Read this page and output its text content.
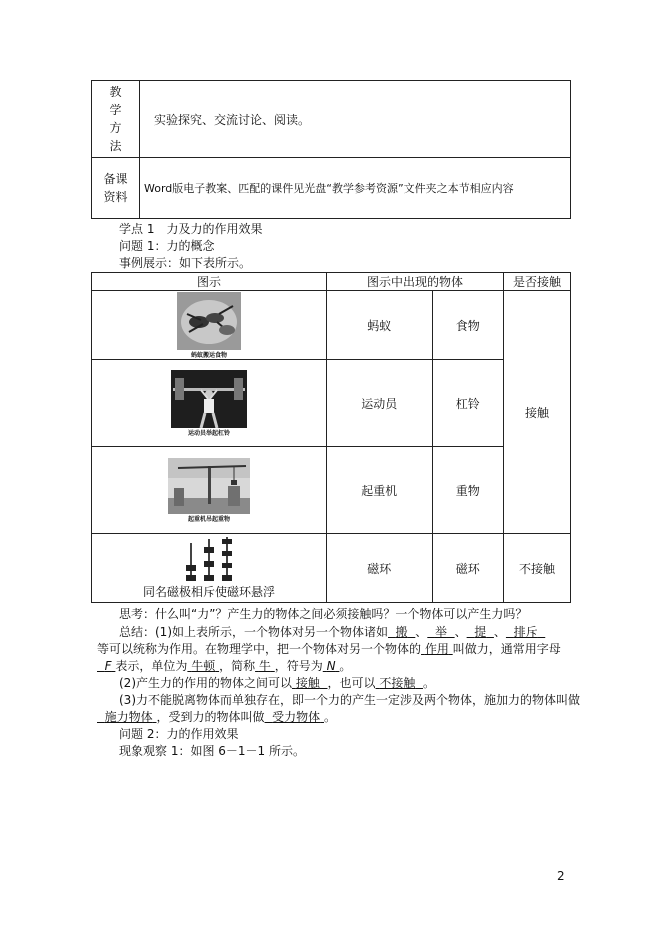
教
学
方
法	实验探究、交流讨论、阅读。
备课
资料	Word版电子教案、匹配的课件见光盘“教学参考资源”文件夹之本节相应内容
学点 1　力及力的作用效果
问题 1：力的概念
事例展示：如下表所示。
图示	图示中出现的物体		是否接触

蚂蚁搬运食物	蚂蚁	食物	接触

运动员举起杠铃	运动员	杠铃	

起重机吊起重物	起重机	重物	

同名磁极相斥使磁环悬浮	磁环	磁环	不接触
思考：什么叫“力”？产生力的物体之间必须接触吗？一个物体可以产生力吗？
总结：(1)如上表所示，一个物体对另一个物体诸如 搬 、 举 、 提 、 排斥
等可以统称为作用。在物理学中，把一个物体对另一个物体的 作用 叫做力，通常用字母
F 表示，单位为 牛顿 ，简称 牛 ，符号为 N 。
(2)产生力的作用的物体之间可以 接触 ，也可以 不接触 。
(3)力不能脱离物体而单独存在，即一个力的产生一定涉及两个物体，施加力的物体叫做
施力物体 ，受到力的物体叫做 受力物体 。
问题 2：力的作用效果
现象观察 1：如图 6－1－1 所示。
2
